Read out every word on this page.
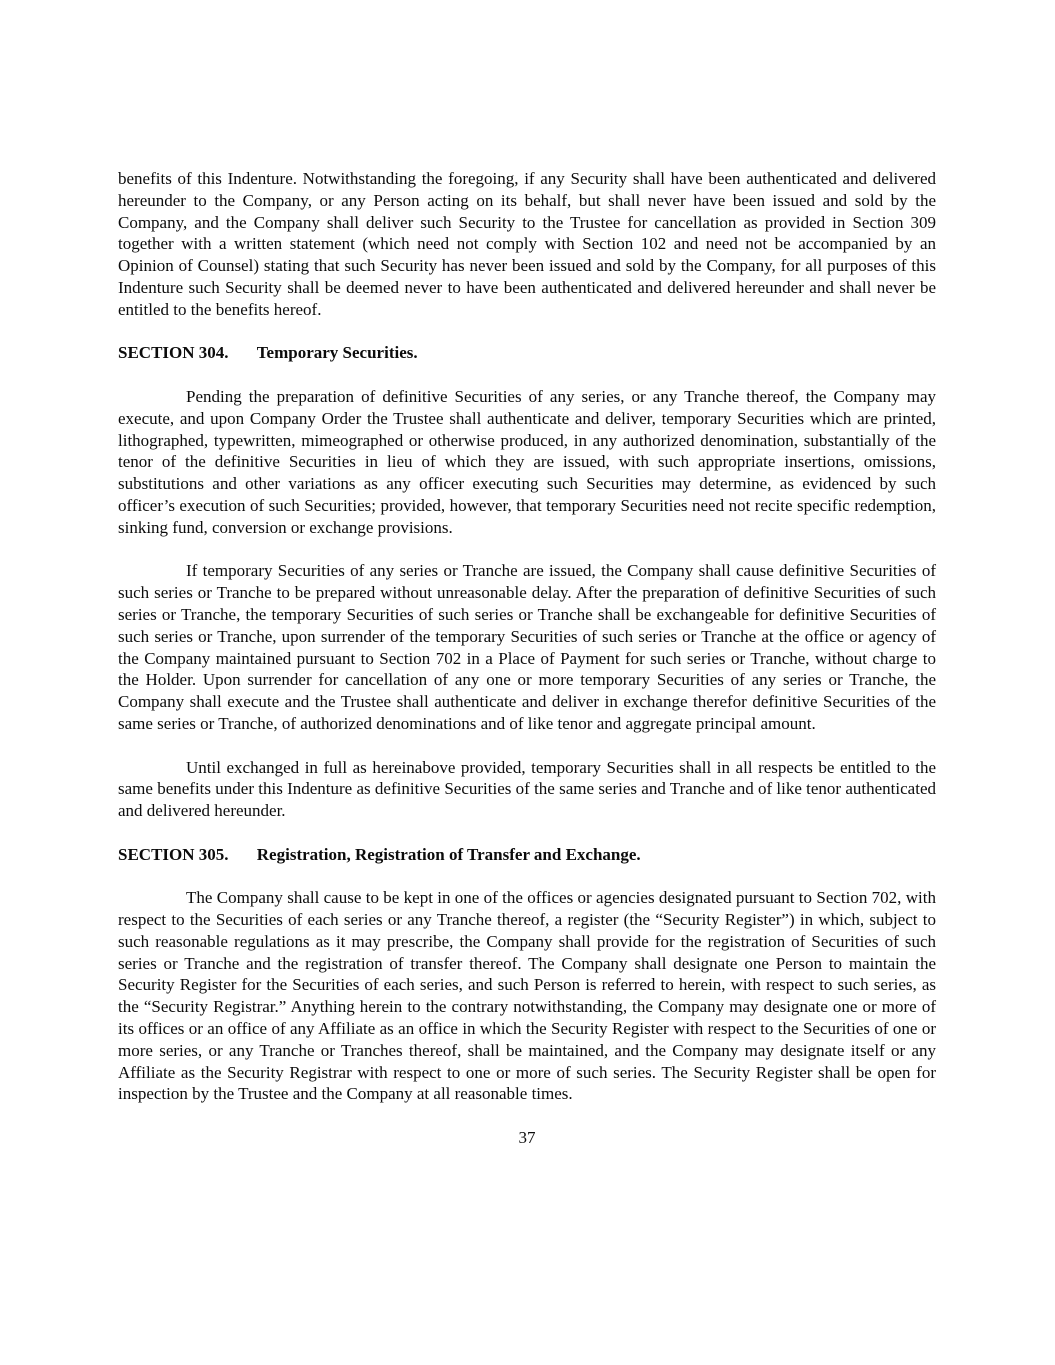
benefits of this Indenture. Notwithstanding the foregoing, if any Security shall have been authenticated and delivered hereunder to the Company, or any Person acting on its behalf, but shall never have been issued and sold by the Company, and the Company shall deliver such Security to the Trustee for cancellation as provided in Section 309 together with a written statement (which need not comply with Section 102 and need not be accompanied by an Opinion of Counsel) stating that such Security has never been issued and sold by the Company, for all purposes of this Indenture such Security shall be deemed never to have been authenticated and delivered hereunder and shall never be entitled to the benefits hereof.

SECTION 304. Temporary Securities.

Pending the preparation of definitive Securities of any series, or any Tranche thereof, the Company may execute, and upon Company Order the Trustee shall authenticate and deliver, temporary Securities which are printed, lithographed, typewritten, mimeographed or otherwise produced, in any authorized denomination, substantially of the tenor of the definitive Securities in lieu of which they are issued, with such appropriate insertions, omissions, substitutions and other variations as any officer executing such Securities may determine, as evidenced by such officer’s execution of such Securities; provided, however, that temporary Securities need not recite specific redemption, sinking fund, conversion or exchange provisions.

If temporary Securities of any series or Tranche are issued, the Company shall cause definitive Securities of such series or Tranche to be prepared without unreasonable delay. After the preparation of definitive Securities of such series or Tranche, the temporary Securities of such series or Tranche shall be exchangeable for definitive Securities of such series or Tranche, upon surrender of the temporary Securities of such series or Tranche at the office or agency of the Company maintained pursuant to Section 702 in a Place of Payment for such series or Tranche, without charge to the Holder. Upon surrender for cancellation of any one or more temporary Securities of any series or Tranche, the Company shall execute and the Trustee shall authenticate and deliver in exchange therefor definitive Securities of the same series or Tranche, of authorized denominations and of like tenor and aggregate principal amount.

Until exchanged in full as hereinabove provided, temporary Securities shall in all respects be entitled to the same benefits under this Indenture as definitive Securities of the same series and Tranche and of like tenor authenticated and delivered hereunder.

SECTION 305. Registration, Registration of Transfer and Exchange.

The Company shall cause to be kept in one of the offices or agencies designated pursuant to Section 702, with respect to the Securities of each series or any Tranche thereof, a register (the “Security Register”) in which, subject to such reasonable regulations as it may prescribe, the Company shall provide for the registration of Securities of such series or Tranche and the registration of transfer thereof. The Company shall designate one Person to maintain the Security Register for the Securities of each series, and such Person is referred to herein, with respect to such series, as the “Security Registrar.” Anything herein to the contrary notwithstanding, the Company may designate one or more of its offices or an office of any Affiliate as an office in which the Security Register with respect to the Securities of one or more series, or any Tranche or Tranches thereof, shall be maintained, and the Company may designate itself or any Affiliate as the Security Registrar with respect to one or more of such series. The Security Register shall be open for inspection by the Trustee and the Company at all reasonable times.

37
